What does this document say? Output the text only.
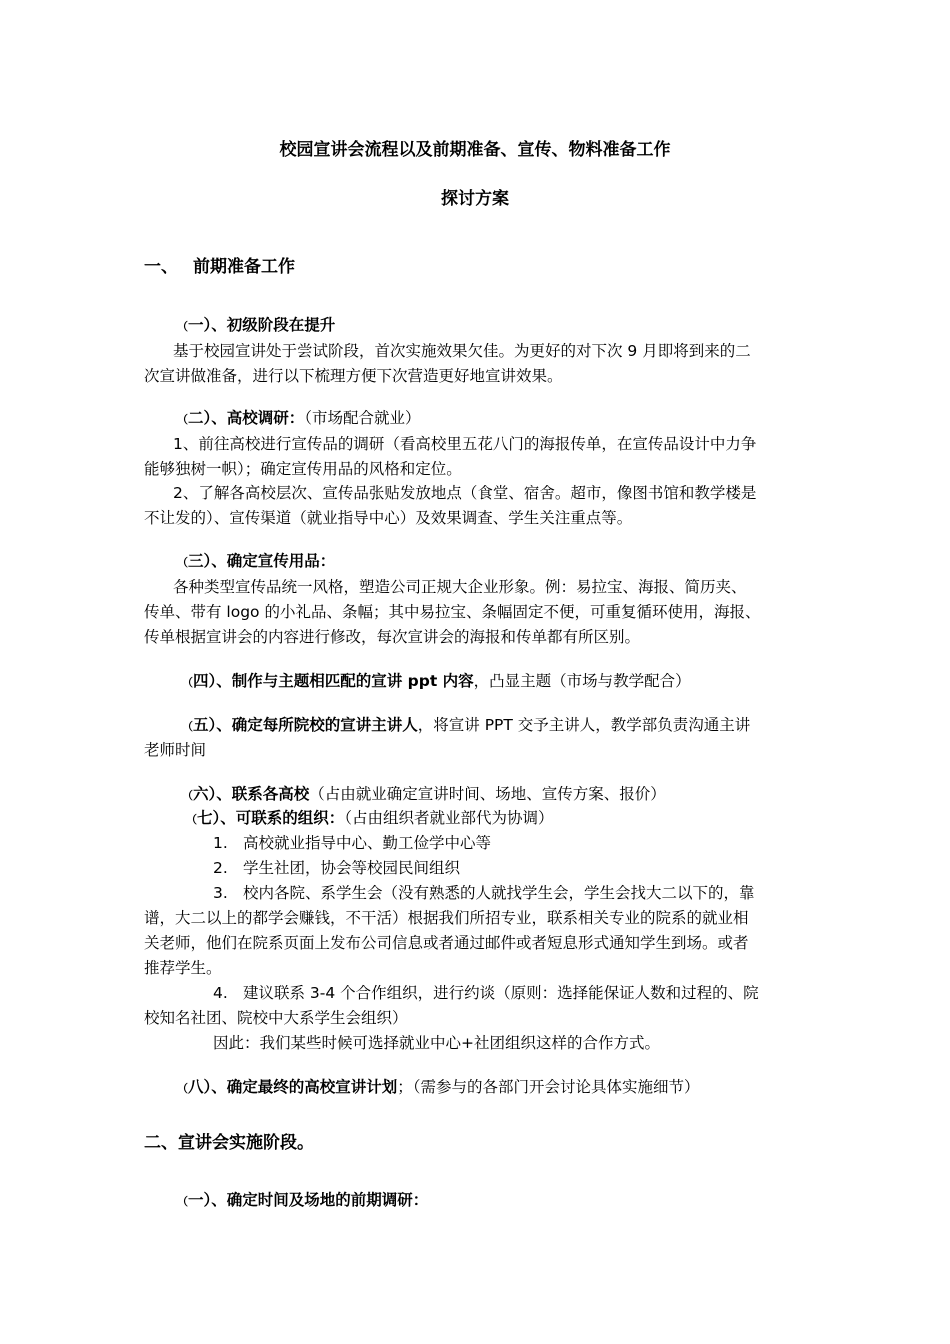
校园宣讲会流程以及前期准备、宣传、物料准备工作
探讨方案
一、 前期准备工作
（一）、初级阶段在提升
基于校园宣讲处于尝试阶段，首次实施效果欠佳。为更好的对下次 9 月即将到来的二
次宣讲做准备，进行以下梳理方便下次营造更好地宣讲效果。
（二）、高校调研：（市场配合就业）
1、前往高校进行宣传品的调研（看高校里五花八门的海报传单，在宣传品设计中力争
能够独树一帜）；确定宣传用品的风格和定位。
2、了解各高校层次、宣传品张贴发放地点（食堂、宿舍。超市，像图书馆和教学楼是
不让发的）、宣传渠道（就业指导中心）及效果调查、学生关注重点等。
（三）、确定宣传用品：
各种类型宣传品统一风格，塑造公司正规大企业形象。例：易拉宝、海报、简历夹、
传单、带有 logo 的小礼品、条幅；其中易拉宝、条幅固定不便，可重复循环使用，海报、
传单根据宣讲会的内容进行修改，每次宣讲会的海报和传单都有所区别。
（四）、制作与主题相匹配的宣讲 ppt 内容，凸显主题（市场与教学配合）
（五）、确定每所院校的宣讲主讲人，将宣讲 PPT 交予主讲人，教学部负责沟通主讲
老师时间
（六）、联系各高校（占由就业确定宣讲时间、场地、宣传方案、报价）
（七）、可联系的组织：（占由组织者就业部代为协调）
1. 高校就业指导中心、勤工俭学中心等
2. 学生社团，协会等校园民间组织
3. 校内各院、系学生会（没有熟悉的人就找学生会，学生会找大二以下的，靠
谱，大二以上的都学会赚钱，不干活）根据我们所招专业，联系相关专业的院系的就业相
关老师，他们在院系页面上发布公司信息或者通过邮件或者短息形式通知学生到场。或者
推荐学生。
4. 建议联系 3-4 个合作组织，进行约谈（原则：选择能保证人数和过程的、院
校知名社团、院校中大系学生会组织）
因此：我们某些时候可选择就业中心+社团组织这样的合作方式。
（八）、确定最终的高校宣讲计划；（需参与的各部门开会讨论具体实施细节）
二、宣讲会实施阶段。
（一）、确定时间及场地的前期调研：
